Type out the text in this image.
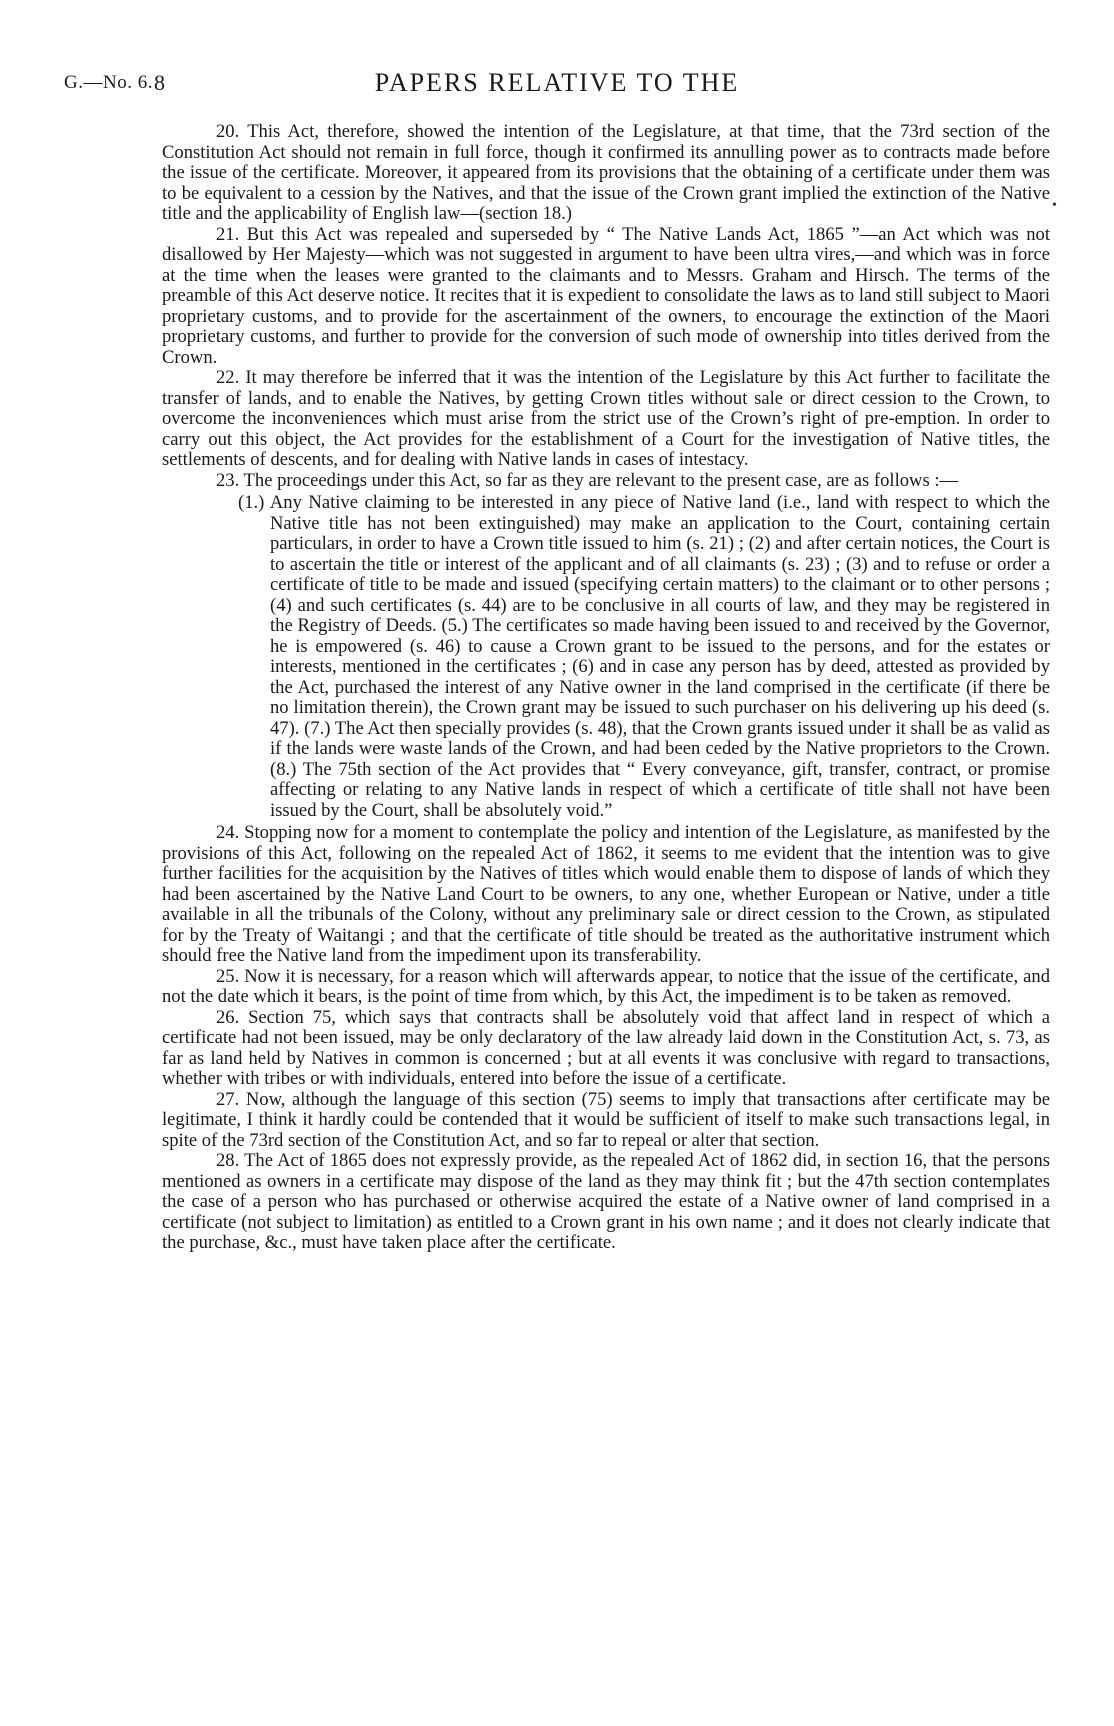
G.—No. 6. 8	PAPERS RELATIVE TO THE
•

20. This Act, therefore, showed the intention of the Legislature, at that time, that the 73rd section of the Constitution Act should not remain in full force, though it confirmed its annulling power as to contracts made before the issue of the certificate. Moreover, it appeared from its provisions that the obtaining of a certificate under them was to be equivalent to a cession by the Natives, and that the issue of the Crown grant implied the extinction of the Native title and the applicability of English law—(section 18.)

21. But this Act was repealed and superseded by “ The Native Lands Act, 1865 ”—an Act which was not disallowed by Her Majesty—which was not suggested in argument to have been ultra vires,—and which was in force at the time when the leases were granted to the claimants and to Messrs. Graham and Hirsch. The terms of the preamble of this Act deserve notice. It recites that it is expedient to consolidate the laws as to land still subject to Maori proprietary customs, and to provide for the ascertainment of the owners, to encourage the extinction of the Maori proprietary customs, and further to provide for the conversion of such mode of ownership into titles derived from the Crown.

22. It may therefore be inferred that it was the intention of the Legislature by this Act further to facilitate the transfer of lands, and to enable the Natives, by getting Crown titles without sale or direct cession to the Crown, to overcome the inconveniences which must arise from the strict use of the Crown’s right of pre-emption. In order to carry out this object, the Act provides for the establishment of a Court for the investigation of Native titles, the settlements of descents, and for dealing with Native lands in cases of intestacy.

23. The proceedings under this Act, so far as they are relevant to the present case, are as follows :—

(1.) Any Native claiming to be interested in any piece of Native land (i.e., land with respect to which the Native title has not been extinguished) may make an application to the Court, containing certain particulars, in order to have a Crown title issued to him (s. 21) ; (2) and after certain notices, the Court is to ascertain the title or interest of the applicant and of all claimants (s. 23) ; (3) and to refuse or order a certificate of title to be made and issued (specifying certain matters) to the claimant or to other persons ; (4) and such certificates (s. 44) are to be conclusive in all courts of law, and they may be registered in the Registry of Deeds. (5.) The certificates so made having been issued to and received by the Governor, he is empowered (s. 46) to cause a Crown grant to be issued to the persons, and for the estates or interests, mentioned in the certificates ; (6) and in case any person has by deed, attested as provided by the Act, purchased the interest of any Native owner in the land comprised in the certificate (if there be no limitation therein), the Crown grant may be issued to such purchaser on his delivering up his deed (s. 47). (7.) The Act then specially provides (s. 48), that the Crown grants issued under it shall be as valid as if the lands were waste lands of the Crown, and had been ceded by the Native proprietors to the Crown. (8.) The 75th section of the Act provides that “ Every conveyance, gift, transfer, contract, or promise affecting or relating to any Native lands in respect of which a certificate of title shall not have been issued by the Court, shall be absolutely void.”

24. Stopping now for a moment to contemplate the policy and intention of the Legislature, as manifested by the provisions of this Act, following on the repealed Act of 1862, it seems to me evident that the intention was to give further facilities for the acquisition by the Natives of titles which would enable them to dispose of lands of which they had been ascertained by the Native Land Court to be owners, to any one, whether European or Native, under a title available in all the tribunals of the Colony, without any preliminary sale or direct cession to the Crown, as stipulated for by the Treaty of Waitangi ; and that the certificate of title should be treated as the authoritative instrument which should free the Native land from the impediment upon its transferability.

25. Now it is necessary, for a reason which will afterwards appear, to notice that the issue of the certificate, and not the date which it bears, is the point of time from which, by this Act, the impediment is to be taken as removed.

26. Section 75, which says that contracts shall be absolutely void that affect land in respect of which a certificate had not been issued, may be only declaratory of the law already laid down in the Constitution Act, s. 73, as far as land held by Natives in common is concerned ; but at all events it was conclusive with regard to transactions, whether with tribes or with individuals, entered into before the issue of a certificate.

27. Now, although the language of this section (75) seems to imply that transactions after certificate may be legitimate, I think it hardly could be contended that it would be sufficient of itself to make such transactions legal, in spite of the 73rd section of the Constitution Act, and so far to repeal or alter that section.

28. The Act of 1865 does not expressly provide, as the repealed Act of 1862 did, in section 16, that the persons mentioned as owners in a certificate may dispose of the land as they may think fit ; but the 47th section contemplates the case of a person who has purchased or otherwise acquired the estate of a Native owner of land comprised in a certificate (not subject to limitation) as entitled to a Crown grant in his own name ; and it does not clearly indicate that the purchase, &c., must have taken place after the certificate.
